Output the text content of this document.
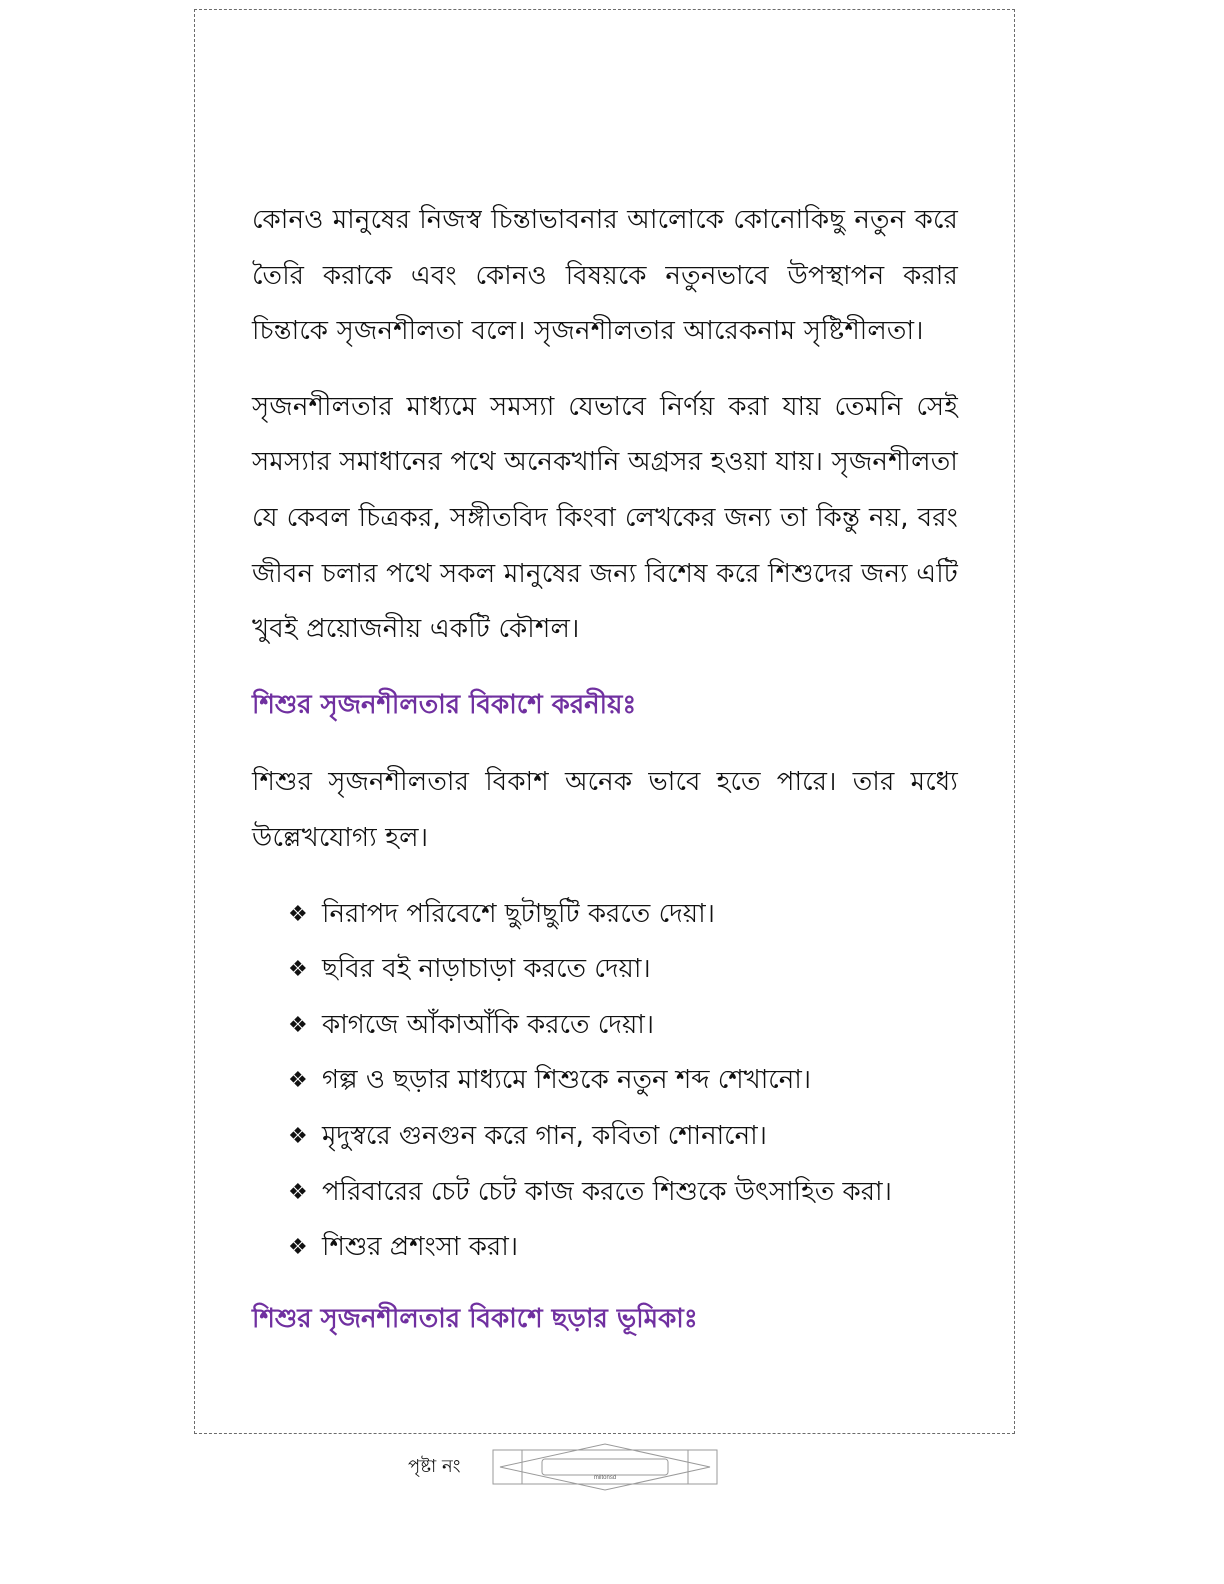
কোনও মানুষের নিজস্ব চিন্তাভাবনার আলোকে কোনোকিছু নতুন করে তৈরি করাকে এবং কোনও বিষয়কে নতুনভাবে উপস্থাপন করার চিন্তাকে সৃজনশীলতা বলে। সৃজনশীলতার আরেকনাম সৃষ্টিশীলতা।

সৃজনশীলতার মাধ্যমে সমস্যা যেভাবে নির্ণয় করা যায় তেমনি সেই সমস্যার সমাধানের পথে অনেকখানি অগ্রসর হওয়া যায়। সৃজনশীলতা যে কেবল চিত্রকর, সঙ্গীতবিদ কিংবা লেখকের জন্য তা কিন্তু নয়, বরং জীবন চলার পথে সকল মানুষের জন্য বিশেষ করে শিশুদের জন্য এটি খুবই প্রয়োজনীয় একটি কৌশল।

শিশুর সৃজনশীলতার বিকাশে করনীয়ঃ

শিশুর সৃজনশীলতার বিকাশ অনেক ভাবে হতে পারে। তার মধ্যে উল্লেখযোগ্য হল।

❖ নিরাপদ পরিবেশে ছুটাছুটি করতে দেয়া।
❖ ছবির বই নাড়াচাড়া করতে দেয়া।
❖ কাগজে আঁকাআঁকি করতে দেয়া।
❖ গল্প ও ছড়ার মাধ্যমে শিশুকে নতুন শব্দ শেখানো।
❖ মৃদুস্বরে গুনগুন করে গান, কবিতা শোনানো।
❖ পরিবারের চেট চেট কাজ করতে শিশুকে উৎসাহিত করা।
❖ শিশুর প্রশংসা করা।
শিশুর সৃজনশীলতার বিকাশে ছড়ার ভূমিকাঃ
পৃষ্টা নং
miltonsd
